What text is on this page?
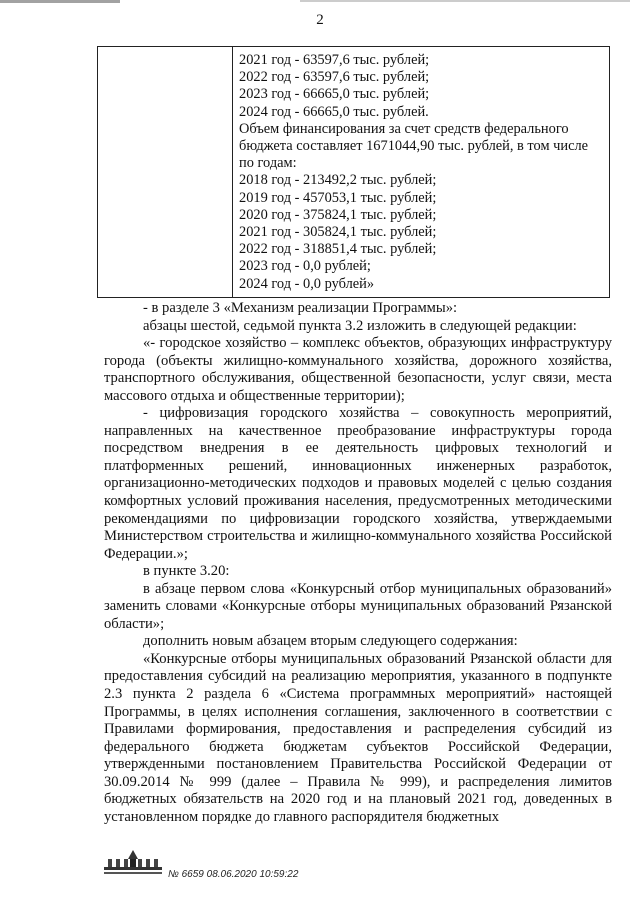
2
2021 год - 63597,6 тыс. рублей;
2022 год - 63597,6 тыс. рублей;
2023 год - 66665,0 тыс. рублей;
2024 год - 66665,0 тыс. рублей.
Объем финансирования за счет средств федерального
бюджета составляет 1671044,90 тыс. рублей, в том числе
по годам:
2018 год - 213492,2 тыс. рублей;
2019 год - 457053,1 тыс. рублей;
2020 год - 375824,1 тыс. рублей;
2021 год - 305824,1 тыс. рублей;
2022 год - 318851,4 тыс. рублей;
2023 год - 0,0 рублей;
2024 год - 0,0 рублей»

- в разделе 3 «Механизм реализации Программы»:

абзацы шестой, седьмой пункта 3.2 изложить в следующей редакции:

«- городское хозяйство – комплекс объектов, образующих инфраструктуру города (объекты жилищно-коммунального хозяйства, дорожного хозяйства, транспортного обслуживания, общественной безопасности, услуг связи, места массового отдыха и общественные территории);

- цифровизация городского хозяйства – совокупность мероприятий, направленных на качественное преобразование инфраструктуры города посредством внедрения в ее деятельность цифровых технологий и платформенных решений, инновационных инженерных разработок, организационно-методических подходов и правовых моделей с целью создания комфортных условий проживания населения, предусмотренных методическими рекомендациями по цифровизации городского хозяйства, утверждаемыми Министерством строительства и жилищно-коммунального хозяйства Российской Федерации.»;

в пункте 3.20:

в абзаце первом слова «Конкурсный отбор муниципальных образований» заменить словами «Конкурсные отборы муниципальных образований Рязанской области»;

дополнить новым абзацем вторым следующего содержания:

«Конкурсные отборы муниципальных образований Рязанской области для предоставления субсидий на реализацию мероприятия, указанного в подпункте 2.3 пункта 2 раздела 6 «Система программных мероприятий» настоящей Программы, в целях исполнения соглашения, заключенного в соответствии с Правилами формирования, предоставления и распределения субсидий из федерального бюджета бюджетам субъектов Российской Федерации, утвержденными постановлением Правительства Российской Федерации от 30.09.2014 № 999 (далее – Правила № 999), и распределения лимитов бюджетных обязательств на 2020 год и на плановый 2021 год, доведенных в установленном порядке до главного распорядителя бюджетных

№ 6659 08.06.2020 10:59:22
